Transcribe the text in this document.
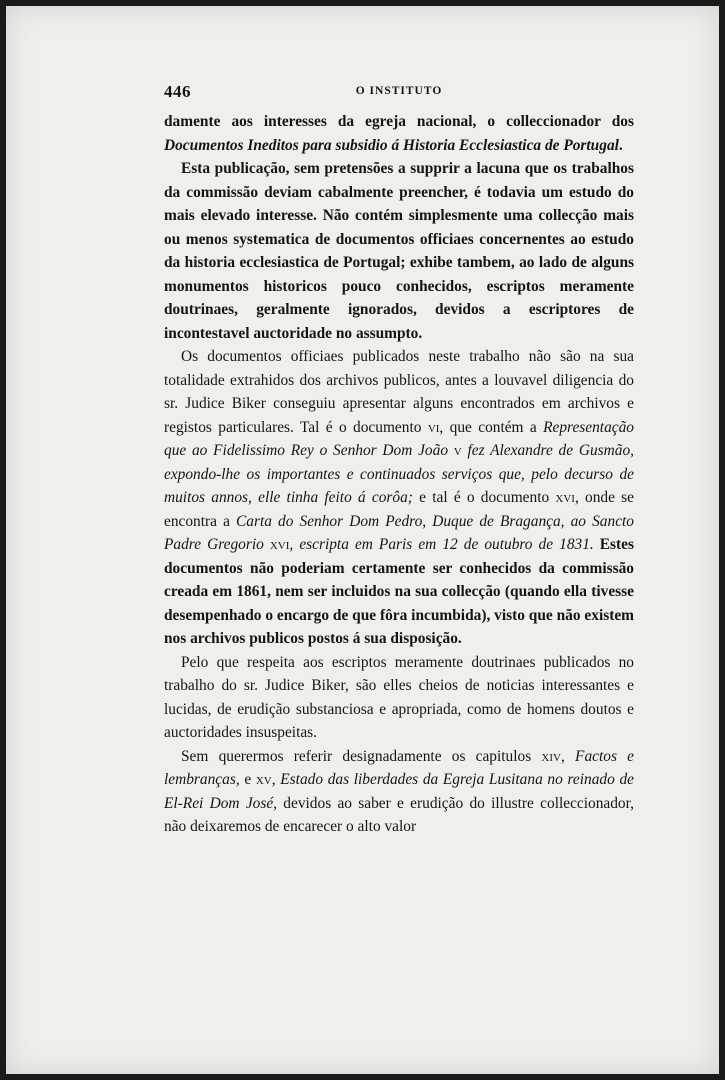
446	O INSTITUTO

damente aos interesses da egreja nacional, o colleccionador dos Documentos Ineditos para subsidio á Historia Ecclesiastica de Portugal.

Esta publicação, sem pretensões a supprir a lacuna que os trabalhos da commissão deviam cabalmente preencher, é todavia um estudo do mais elevado interesse. Não contém simplesmente uma collecção mais ou menos systematica de documentos officiaes concernentes ao estudo da historia ecclesiastica de Portugal; exhibe tambem, ao lado de alguns monumentos historicos pouco conhecidos, escriptos meramente doutrinaes, geralmente ignorados, devidos a escriptores de incontestavel auctoridade no assumpto.

Os documentos officiaes publicados neste trabalho não são na sua totalidade extrahidos dos archivos publicos, antes a louvavel diligencia do sr. Judice Biker conseguiu apresentar alguns encontrados em archivos e registos particulares. Tal é o documento vi, que contém a Representação que ao Fidelissimo Rey o Senhor Dom João v fez Alexandre de Gusmão, expondo-lhe os importantes e continuados serviços que, pelo decurso de muitos annos, elle tinha feito á corôa; e tal é o documento xvi, onde se encontra a Carta do Senhor Dom Pedro, Duque de Bragança, ao Sancto Padre Gregorio xvi, escripta em Paris em 12 de outubro de 1831. Estes documentos não poderiam certamente ser conhecidos da commissão creada em 1861, nem ser incluidos na sua collecção (quando ella tivesse desempenhado o encargo de que fôra incumbida), visto que não existem nos archivos publicos postos á sua disposição.

Pelo que respeita aos escriptos meramente doutrinaes publicados no trabalho do sr. Judice Biker, são elles cheios de noticias interessantes e lucidas, de erudição substanciosa e apropriada, como de homens doutos e auctoridades insuspeitas.

Sem querermos referir designadamente os capitulos xiv, Factos e lembranças, e xv, Estado das liberdades da Egreja Lusitana no reinado de El-Rei Dom José, devidos ao saber e erudição do illustre colleccionador, não deixaremos de encarecer o alto valor
